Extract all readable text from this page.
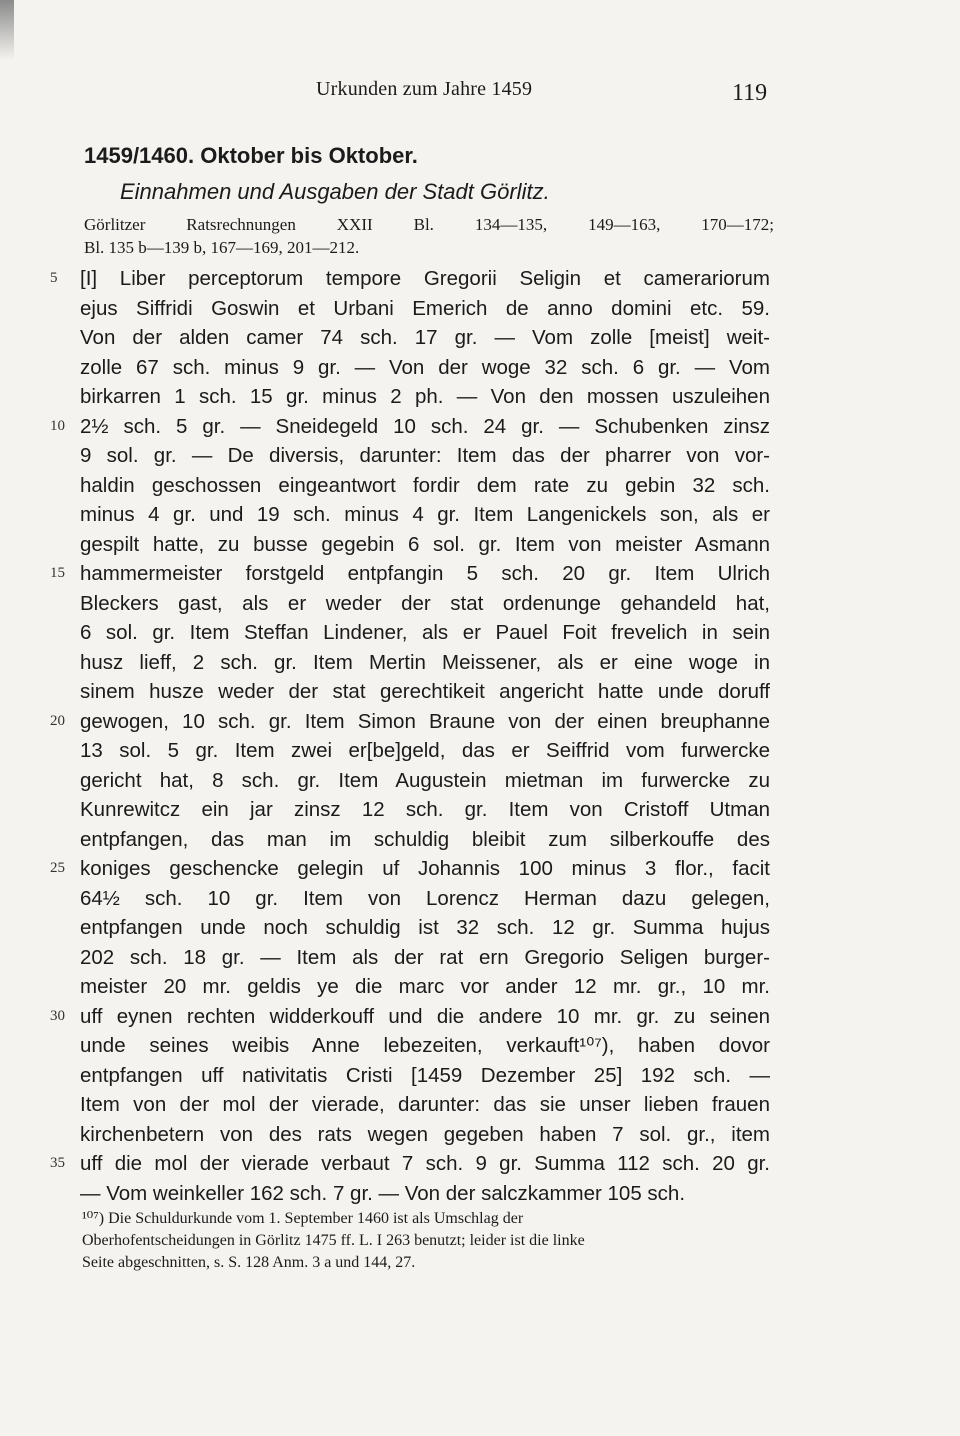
Urkunden zum Jahre 1459	119
1459/1460. Oktober bis Oktober.
Einnahmen und Ausgaben der Stadt Görlitz.
Görlitzer Ratsrechnungen XXII Bl. 134—135, 149—163, 170—172;
Bl. 135 b—139 b, 167—169, 201—212.
5 [I] Liber perceptorum tempore Gregorii Seligin et camerariorum
ejus Siffridi Goswin et Urbani Emerich de anno domini etc. 59.
Von der alden camer 74 sch. 17 gr. — Vom zolle [meist] weit-
zolle 67 sch. minus 9 gr. — Von der woge 32 sch. 6 gr. — Vom
birkarren 1 sch. 15 gr. minus 2 ph. — Von den mossen uszuleihen
10 2½ sch. 5 gr. — Sneidegeld 10 sch. 24 gr. — Schubenken zinsz
9 sol. gr. — De diversis, darunter: Item das der pharrer von vor-
haldin geschossen eingeantwort fordir dem rate zu gebin 32 sch.
minus 4 gr. und 19 sch. minus 4 gr. Item Langenickels son, als er
gespilt hatte, zu busse gegebin 6 sol. gr. Item von meister Asmann
15 hammermeister forstgeld entpfangin 5 sch. 20 gr. Item Ulrich
Bleckers gast, als er weder der stat ordenunge gehandeld hat,
6 sol. gr. Item Steffan Lindener, als er Pauel Foit frevelich in sein
husz lieff, 2 sch. gr. Item Mertin Meissener, als er eine woge in
sinem husze weder der stat gerechtikeit angericht hatte unde doruff
20 gewogen, 10 sch. gr. Item Simon Braune von der einen breuphanne
13 sol. 5 gr. Item zwei er[be]geld, das er Seiffrid vom furwercke
gericht hat, 8 sch. gr. Item Augustein mietman im furwercke zu
Kunrewitcz ein jar zinsz 12 sch. gr. Item von Cristoff Utman
entpfangen, das man im schuldig bleibit zum silberkouffe des
25 koniges geschencke gelegin uf Johannis 100 minus 3 flor., facit
64½ sch. 10 gr. Item von Lorencz Herman dazu gelegen,
entpfangen unde noch schuldig ist 32 sch. 12 gr. Summa hujus
202 sch. 18 gr. — Item als der rat ern Gregorio Seligen burger-
meister 20 mr. geldis ye die marc vor ander 12 mr. gr., 10 mr.
30 uff eynen rechten widderkouff und die andere 10 mr. gr. zu seinen
unde seines weibis Anne lebezeiten, verkauft¹⁰⁷), haben dovor
entpfangen uff nativitatis Cristi [1459 Dezember 25] 192 sch. —
Item von der mol der vierade, darunter: das sie unser lieben frauen
kirchenbetern von des rats wegen gegeben haben 7 sol. gr., item
35 uff die mol der vierade verbaut 7 sch. 9 gr. Summa 112 sch. 20 gr.
— Vom weinkeller 162 sch. 7 gr. — Von der salczkammer 105 sch.
¹⁰⁷) Die Schuldurkunde vom 1. September 1460 ist als Umschlag der
Oberhofentscheidungen in Görlitz 1475 ff. L. I 263 benutzt; leider ist die linke
Seite abgeschnitten, s. S. 128 Anm. 3 a und 144, 27.
